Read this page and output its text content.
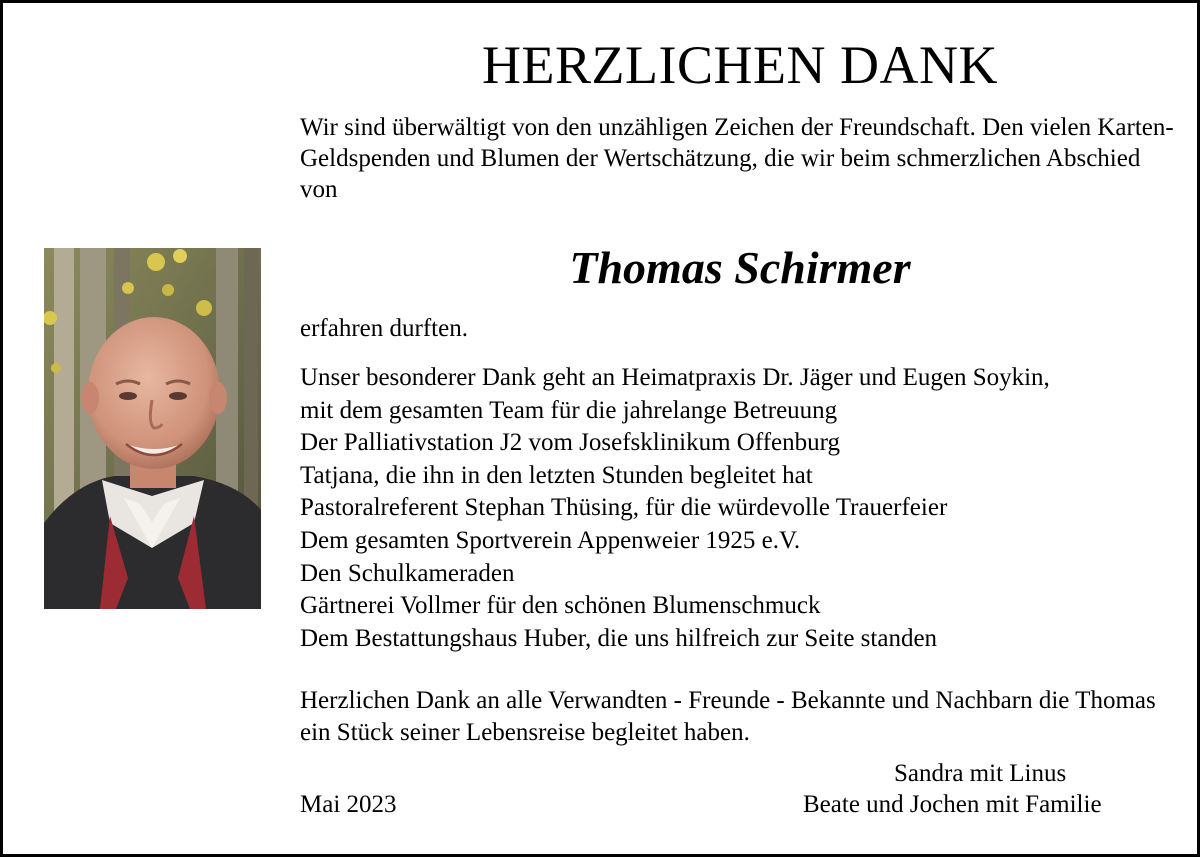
HERZLICHEN DANK

Wir sind überwältigt von den unzähligen Zeichen der Freundschaft. Den vielen Karten-Geldspenden und Blumen der Wertschätzung, die wir beim schmerzlichen Abschied von

Thomas Schirmer

erfahren durften.

Unser besonderer Dank geht an Heimatpraxis Dr. Jäger und Eugen Soykin,
mit dem gesamten Team für die jahrelange Betreuung
Der Palliativstation J2 vom Josefsklinikum Offenburg
Tatjana, die ihn in den letzten Stunden begleitet hat
Pastoralreferent Stephan Thüsing, für die würdevolle Trauerfeier
Dem gesamten Sportverein Appenweier 1925 e.V.
Den Schulkameraden
Gärtnerei Vollmer für den schönen Blumenschmuck
Dem Bestattungshaus Huber, die uns hilfreich zur Seite standen

Herzlichen Dank an alle Verwandten - Freunde - Bekannte und Nachbarn die Thomas ein Stück seiner Lebensreise begleitet haben.

Sandra mit Linus

Mai 2023	Beate und Jochen mit Familie
